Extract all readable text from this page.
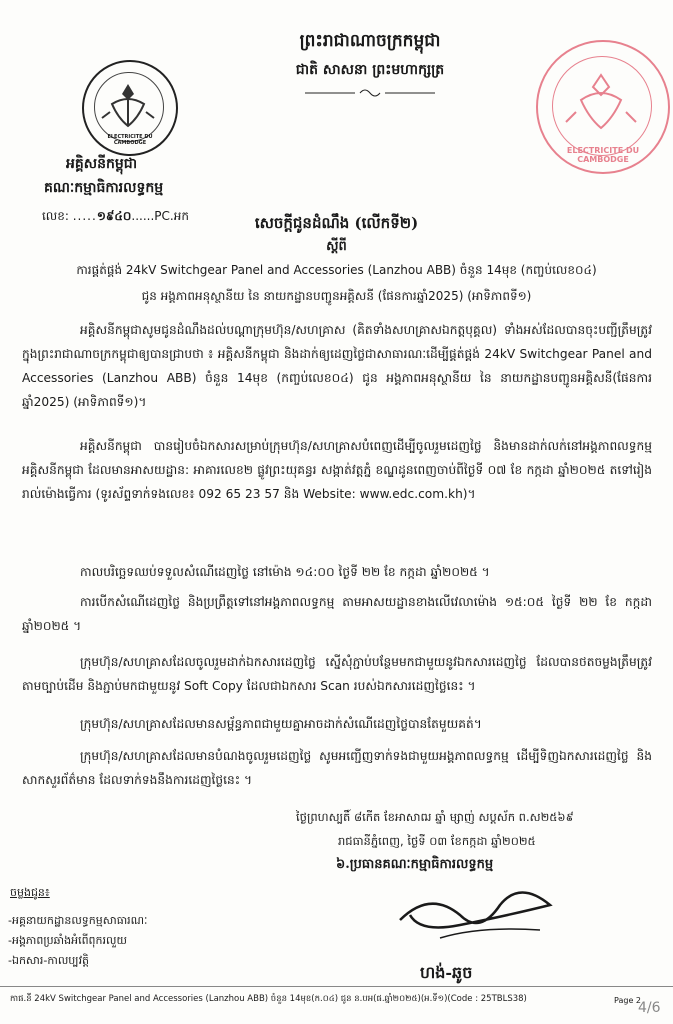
ព្រះរាជាណាចក្រកម្ពុជា
ជាតិ សាសនា ព្រះមហាក្សត្រ
ELECTRICITE DU CAMBODGE
ELECTRICITE DU CAMBODGE
អគ្គិសនីកម្ពុជា
គណៈកម្មាធិការលទ្ធកម្ម
លេខ: .....១៩៤០......PC.អក	សេចក្តីជូនដំណឹង (លើកទី២)
ស្តីពី
ការផ្គត់ផ្គង់ 24kV Switchgear Panel and Accessories (Lanzhou ABB) ចំនួន 14មុខ (កញ្ចប់លេខ០៤)
ជូន អង្គភាពអនុស្ថានីយ នៃ នាយកដ្ឋានបញ្ជូនអគ្គិសនី (ផែនការឆ្នាំ2025) (អាទិភាពទី១)
អគ្គិសនីកម្ពុជាសូមជូនដំណឹងដល់បណ្តាក្រុមហ៊ុន/សហគ្រាស (គិតទាំងសហគ្រាសឯកត្តបុគ្គល) ទាំងអស់ដែលបានចុះបញ្ជីត្រឹមត្រូវក្នុងព្រះរាជាណាចក្រកម្ពុជាឲ្យបានជ្រាបថា ៖ អគ្គិសនីកម្ពុជា និងដាក់ឲ្យដេញថ្លៃជាសាធារណៈដើម្បីផ្គត់ផ្គង់ 24kV Switchgear Panel and Accessories (Lanzhou ABB) ចំនួន 14មុខ (កញ្ចប់លេខ០៤) ជូន អង្គភាពអនុស្ថានីយ នៃ នាយកដ្ឋានបញ្ជូនអគ្គិសនី(ផែនការឆ្នាំ2025) (អាទិភាពទី១)។
អគ្គិសនីកម្ពុជា បានរៀបចំឯកសារសម្រាប់ក្រុមហ៊ុន/សហគ្រាសបំពេញដើម្បីចូលរួមដេញថ្លៃ និងមានដាក់លក់នៅអង្គភាពលទ្ធកម្មអគ្គិសនីកម្ពុជា ដែលមានអាសយដ្ឋាន: អាគារលេខ២ ផ្លូវព្រះយុគន្ធរ សង្កាត់វត្តភ្នំ ខណ្ឌដូនពេញចាប់ពីថ្ងៃទី ០៧ ខែ កក្កដា ឆ្នាំ២០២៥ តទៅរៀងរាល់ម៉ោងធ្វើការ (ទូរស័ព្ទទាក់ទងលេខ៖ 092 65 23 57 និង Website: www.edc.com.kh)។
កាលបរិច្ឆេទឈប់ទទួលសំណើដេញថ្លៃ នៅម៉ោង ១៤:០០ ថ្ងៃទី ២២ ខែ កក្កដា ឆ្នាំ២០២៥ ។
ការបើកសំណើដេញថ្លៃ និងប្រព្រឹត្តទៅនៅអង្គភាពលទ្ធកម្ម តាមអាសយដ្ឋានខាងលើវេលាម៉ោង ១៥:០៥ ថ្ងៃទី ២២ ខែ កក្កដា ឆ្នាំ២០២៥ ។
ក្រុមហ៊ុន/សហគ្រាសដែលចូលរួមដាក់ឯកសារដេញថ្លៃ ស្នើសុំភ្ជាប់បន្ថែមមកជាមួយនូវឯកសារដេញថ្លៃ ដែលបានថតចម្លងត្រឹមត្រូវតាមច្បាប់ដើម និងភ្ជាប់មកជាមួយនូវ Soft Copy ដែលជាឯកសារ Scan របស់ឯកសារដេញថ្លៃនេះ ។
ក្រុមហ៊ុន/សហគ្រាសដែលមានសម្ព័ន្ធភាពជាមួយគ្នាអាចដាក់សំណើដេញថ្លៃបានតែមួយគត់។
ក្រុមហ៊ុន/សហគ្រាសដែលមានបំណងចូលរួមដេញថ្លៃ សូមអញ្ជើញទាក់ទងជាមួយអង្គភាពលទ្ធកម្ម ដើម្បីទិញឯកសារដេញថ្លៃ និងសាកសួរព័ត៌មាន ដែលទាក់ទងនឹងការដេញថ្លៃនេះ ។
ថ្ងៃព្រហស្បតិ៍ ៨កើត ខែអាសាឍ ឆ្នាំ ម្សាញ់ សប្តស័ក ព.ស២៥៦៩
រាជធានីភ្នំពេញ, ថ្ងៃទី ០៣ ខែកក្កដា ឆ្នាំ២០២៥
៦.ប្រធានគណៈកម្មាធិការលទ្ធកម្ម
ហង់-ឆូច
ចម្លងជូន៖
-អគ្គនាយកដ្ឋានលទ្ធកម្មសាធារណៈ
-អង្គភាពប្រឆាំងអំពើពុករលួយ
-ឯកសារ-កាលប្បវត្តិ
កាផ.នី 24kV Switchgear Panel and Accessories (Lanzhou ABB) ចំនួន 14មុខ(ក.០៤) ជូន ន.បអ(ផ.ឆ្នាំ២០២៥)(អ.ទី១)(Code : 25TBLS38)	Page 2
4/6
